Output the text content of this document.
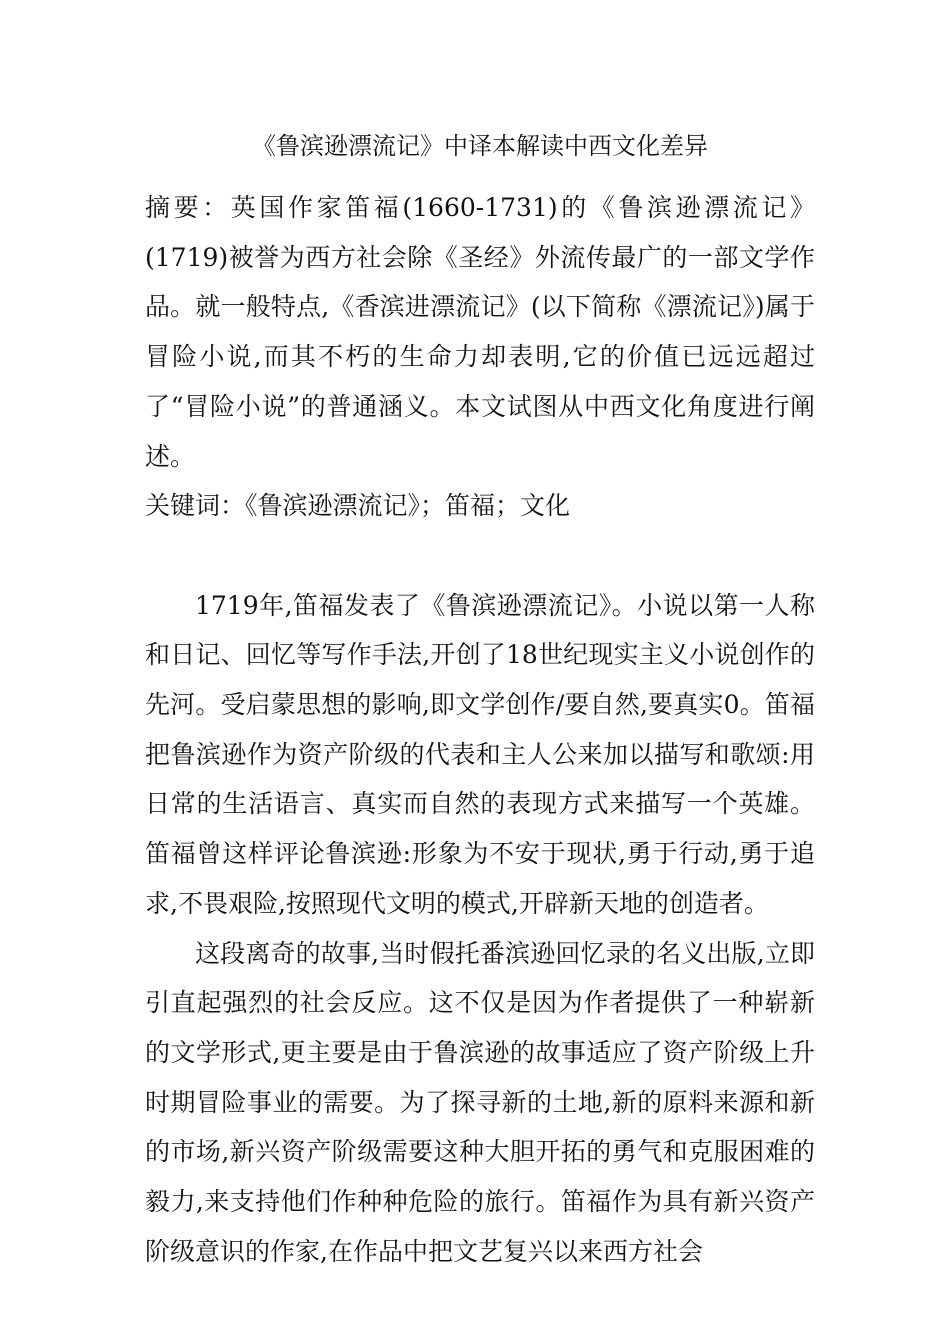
《鲁滨逊漂流记》中译本解读中西文化差异

摘要：英国作家笛福(1660-1731)的《鲁滨逊漂流记》(1719)被誉为西方社会除《圣经》外流传最广的一部文学作品。就一般特点,《香滨进漂流记》(以下简称《漂流记》)属于冒险小说,而其不朽的生命力却表明,它的价值已远远超过了“冒险小说”的普通涵义。本文试图从中西文化角度进行阐述。

关键词：《鲁滨逊漂流记》；笛福；文化

1719年,笛福发表了《鲁滨逊漂流记》。小说以第一人称和日记、回忆等写作手法,开创了18世纪现实主义小说创作的先河。受启蒙思想的影响,即文学创作/要自然,要真实0。笛福把鲁滨逊作为资产阶级的代表和主人公来加以描写和歌颂:用日常的生活语言、真实而自然的表现方式来描写一个英雄。笛福曾这样评论鲁滨逊:形象为不安于现状,勇于行动,勇于追求,不畏艰险,按照现代文明的模式,开辟新天地的创造者。

这段离奇的故事,当时假托番滨逊回忆录的名义出版,立即引直起强烈的社会反应。这不仅是因为作者提供了一种崭新的文学形式,更主要是由于鲁滨逊的故事适应了资产阶级上升时期冒险事业的需要。为了探寻新的土地,新的原料来源和新的市场,新兴资产阶级需要这种大胆开拓的勇气和克服困难的毅力,来支持他们作种种危险的旅行。笛福作为具有新兴资产阶级意识的作家,在作品中把文艺复兴以来西方社会
